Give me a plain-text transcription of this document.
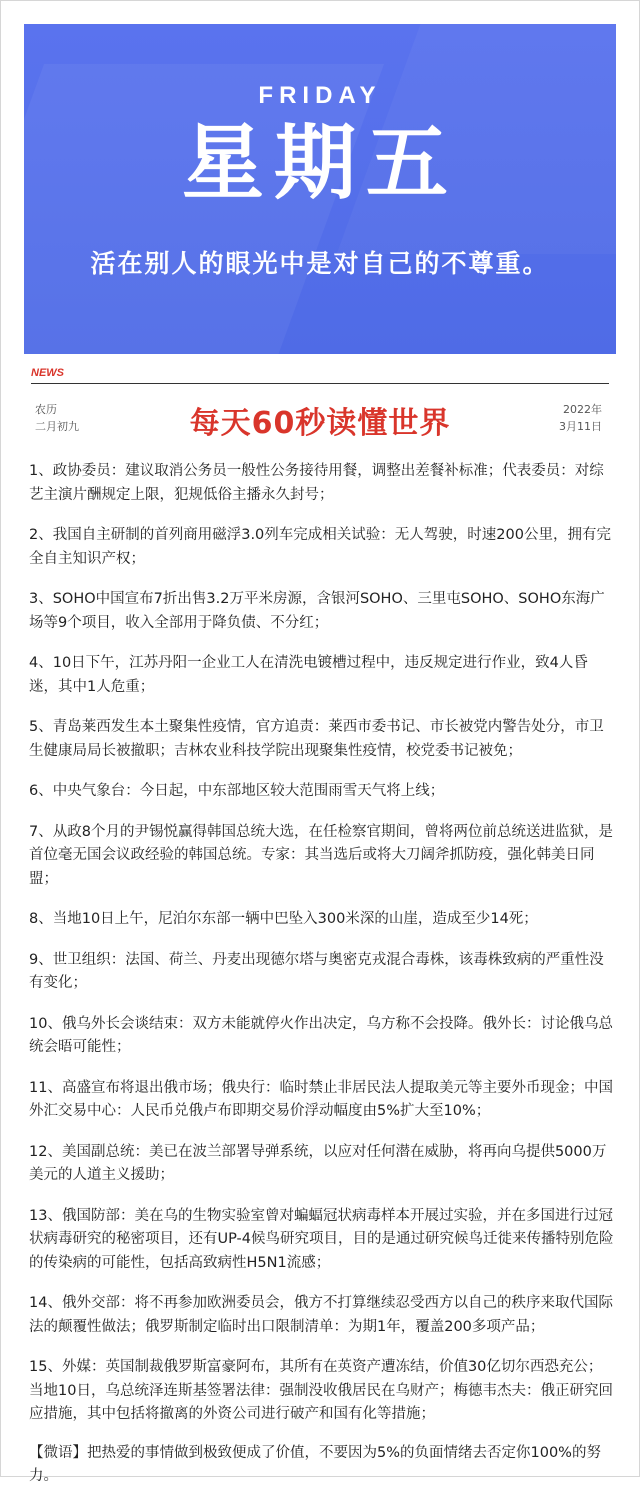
FRIDAY
星期五
活在别人的眼光中是对自己的不尊重。
NEWS
农历
二月初九	每天60秒读懂世界	2022年
3月11日
1、政协委员：建议取消公务员一般性公务接待用餐，调整出差餐补标准；代表委员：对综艺主演片酬规定上限，犯规低俗主播永久封号；
2、我国自主研制的首列商用磁浮3.0列车完成相关试验：无人驾驶，时速200公里，拥有完全自主知识产权；
3、SOHO中国宣布7折出售3.2万平米房源，含银河SOHO、三里屯SOHO、SOHO东海广场等9个项目，收入全部用于降负债、不分红；
4、10日下午，江苏丹阳一企业工人在清洗电镀槽过程中，违反规定进行作业，致4人昏迷，其中1人危重；
5、青岛莱西发生本土聚集性疫情，官方追责：莱西市委书记、市长被党内警告处分，市卫生健康局局长被撤职；吉林农业科技学院出现聚集性疫情，校党委书记被免；
6、中央气象台：今日起，中东部地区较大范围雨雪天气将上线；
7、从政8个月的尹锡悦赢得韩国总统大选，在任检察官期间，曾将两位前总统送进监狱，是首位毫无国会议政经验的韩国总统。专家：其当选后或将大刀阔斧抓防疫，强化韩美日同盟；
8、当地10日上午，尼泊尔东部一辆中巴坠入300米深的山崖，造成至少14死；
9、世卫组织：法国、荷兰、丹麦出现德尔塔与奥密克戎混合毒株，该毒株致病的严重性没有变化；
10、俄乌外长会谈结束：双方未能就停火作出决定，乌方称不会投降。俄外长：讨论俄乌总统会晤可能性；
11、高盛宣布将退出俄市场；俄央行：临时禁止非居民法人提取美元等主要外币现金；中国外汇交易中心：人民币兑俄卢布即期交易价浮动幅度由5%扩大至10%；
12、美国副总统：美已在波兰部署导弹系统，以应对任何潜在威胁，将再向乌提供5000万美元的人道主义援助；
13、俄国防部：美在乌的生物实验室曾对蝙蝠冠状病毒样本开展过实验，并在多国进行过冠状病毒研究的秘密项目，还有UP-4候鸟研究项目，目的是通过研究候鸟迁徙来传播特别危险的传染病的可能性，包括高致病性H5N1流感；
14、俄外交部：将不再参加欧洲委员会，俄方不打算继续忍受西方以自己的秩序来取代国际法的颠覆性做法；俄罗斯制定临时出口限制清单：为期1年，覆盖200多项产品；
15、外媒：英国制裁俄罗斯富豪阿布，其所有在英资产遭冻结，价值30亿切尔西恐充公；当地10日，乌总统泽连斯基签署法律：强制没收俄居民在乌财产；梅德韦杰夫：俄正研究回应措施，其中包括将撤离的外资公司进行破产和国有化等措施；
【微语】把热爱的事情做到极致便成了价值，不要因为5%的负面情绪去否定你100%的努力。
